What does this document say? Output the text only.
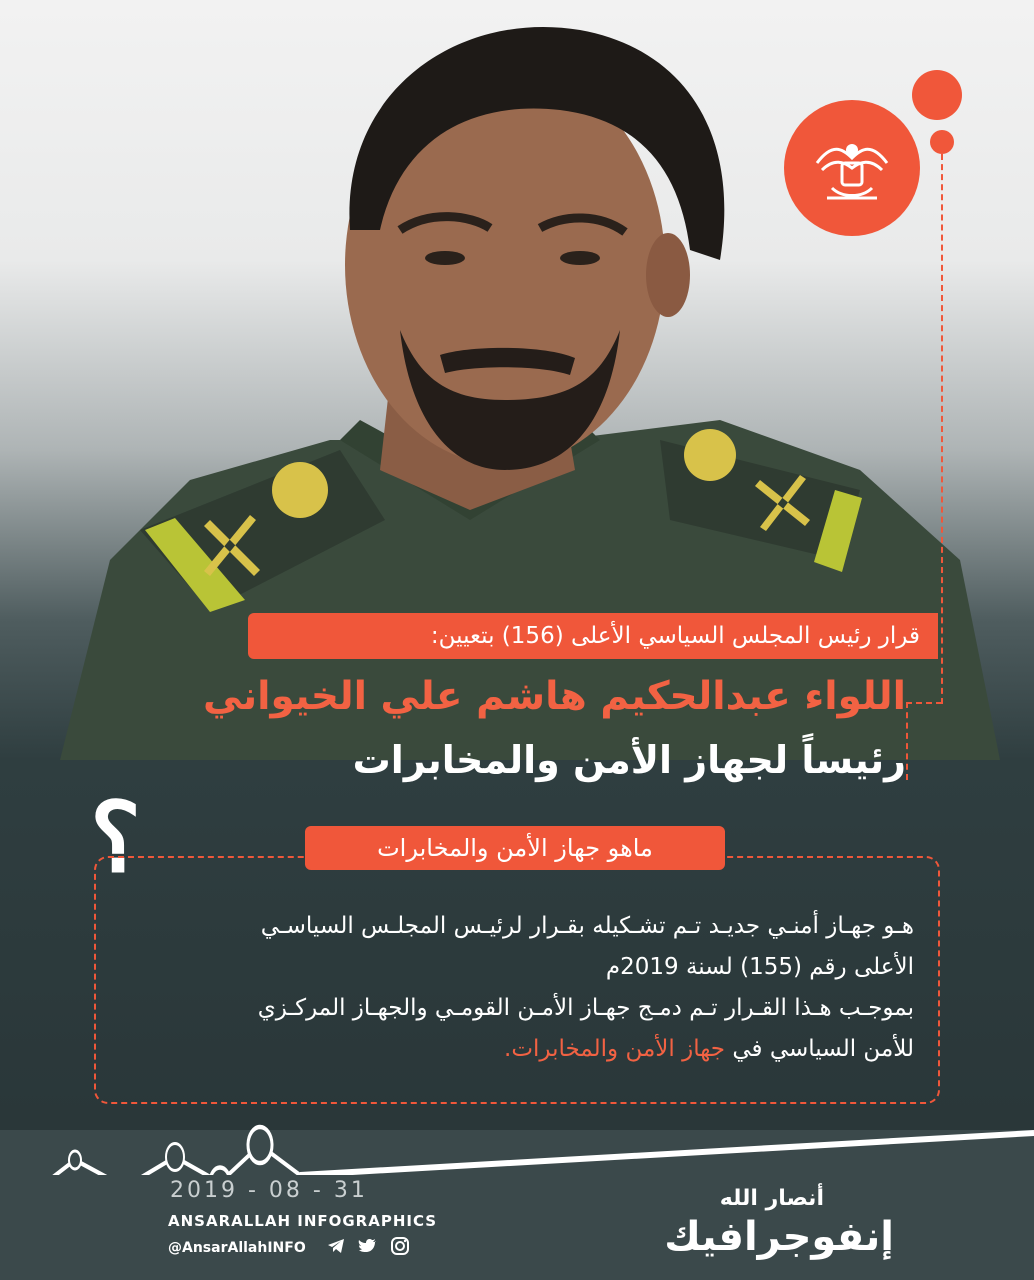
قرار رئيس المجلس السياسي الأعلى (156) بتعيين:
اللواء عبدالحكيم هاشم علي الخيواني
رئيساً لجهاز الأمن والمخابرات
؟	ماهو جهاز الأمن والمخابرات
هـو جهـاز أمنـي جديـد تـم تشـكيله بقـرار لرئيـس المجلـس السياسـي
الأعلى رقم (155) لسنة 2019م
بموجـب هـذا القـرار تـم دمـج جهـاز الأمـن القومـي والجهـاز المركـزي
للأمن السياسي في جهاز الأمن والمخابرات.
2019 - 08 - 31
ANSARALLAH INFOGRAPHICS
@AnsarAllahINFO
أنصار الله
إنفوجرافيك
